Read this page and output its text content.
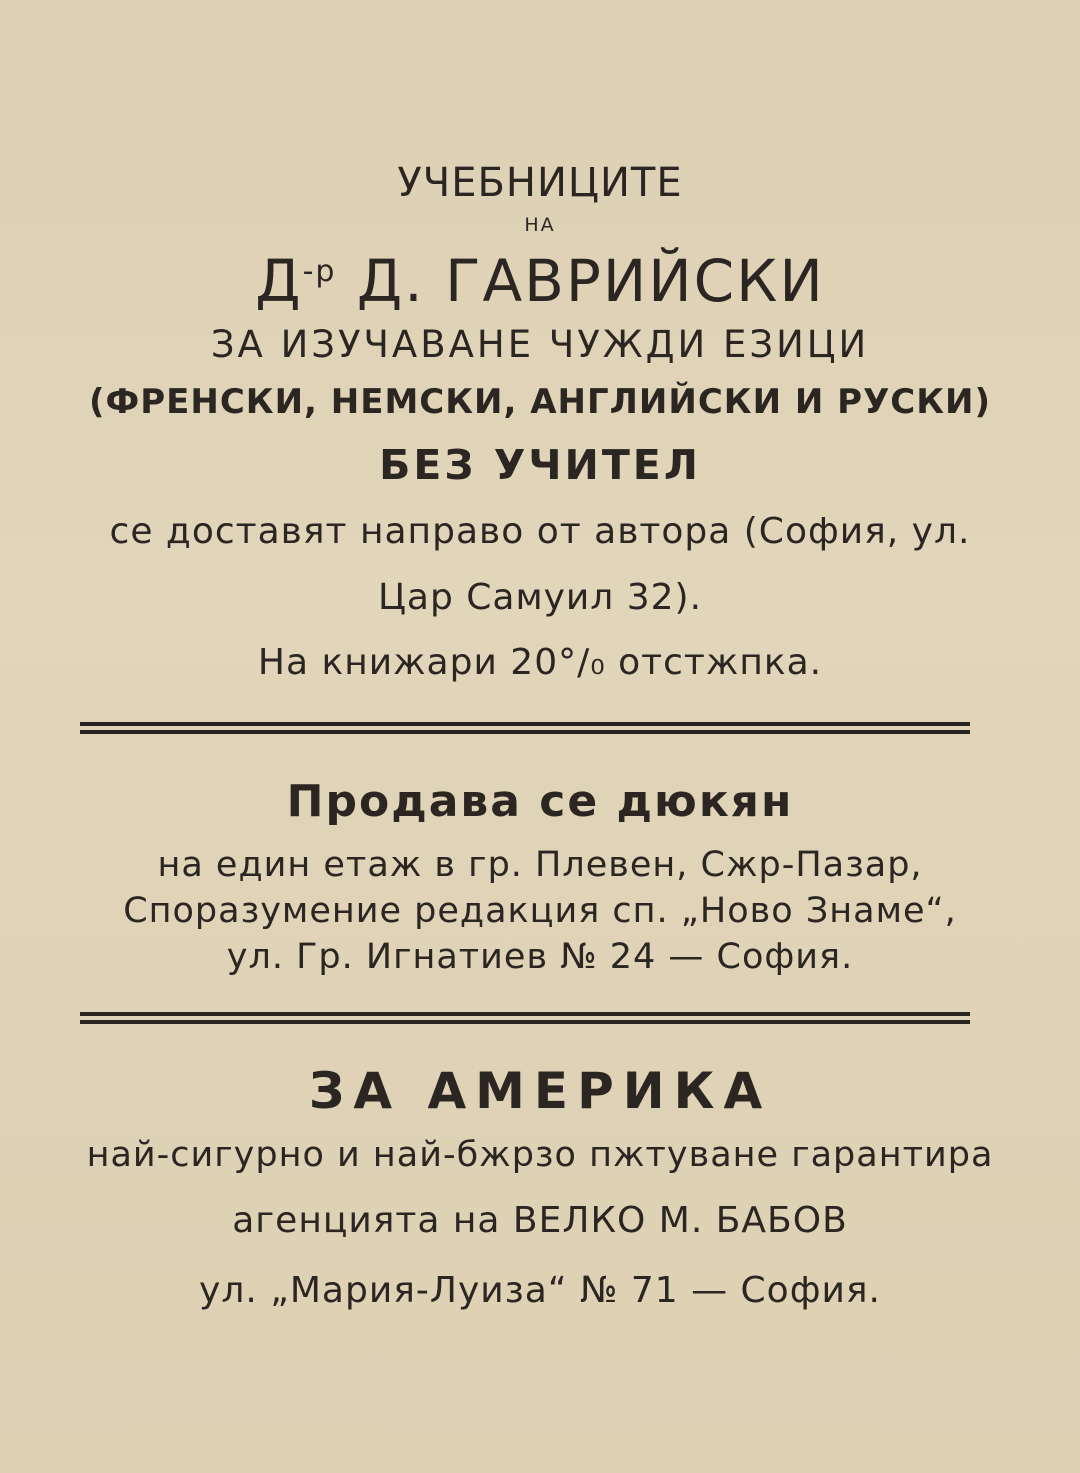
УЧЕБНИЦИТЕ
НА
$Д^{-р}$ Д. ГАВРИЙСКИ
ЗА ИЗУЧАВАНЕ ЧУЖДИ ЕЗИЦИ
(ФРЕНСКИ, НЕМСКИ, АНГЛИЙСКИ И РУСКИ)
БЕЗ УЧИТЕЛ
се доставят направо от автора (София, ул.
Цар Самуил 32).
На книжари 20°/₀ отстжпка.
Продава се дюкян
на един етаж в гр. Плевен, Сжр-Пазар,
Споразумение редакция сп. „Ново Знаме“,
ул. Гр. Игнатиев № 24 — София.
ЗА АМЕРИКА
най-сигурно и най-бжрзо пжтуване гарантира
агенцията на ВЕЛКО М. БАБОВ
ул. „Мария-Луиза“ № 71 — София.
